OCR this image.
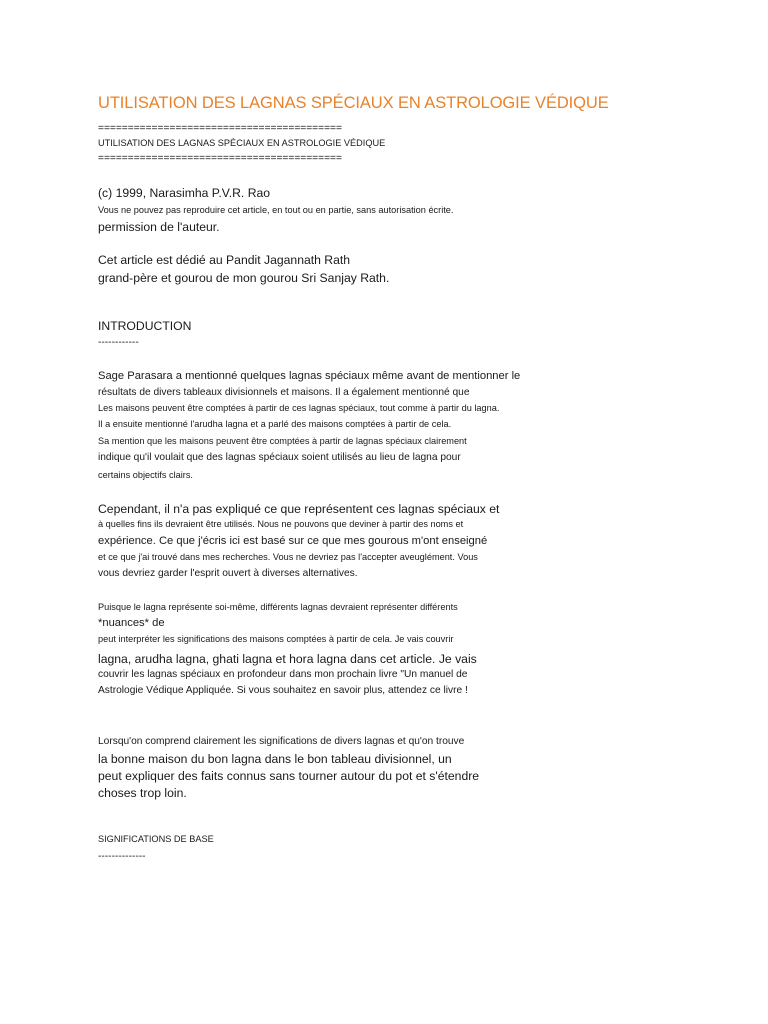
UTILISATION DES LAGNAS SPÉCIAUX EN ASTROLOGIE VÉDIQUE
=========================================
UTILISATION DES LAGNAS SPÉCIAUX EN ASTROLOGIE VÉDIQUE
=========================================
(c) 1999, Narasimha P.V.R. Rao
Vous ne pouvez pas reproduire cet article, en tout ou en partie, sans autorisation écrite.
permission de l'auteur.
Cet article est dédié au Pandit Jagannath Rath
grand-père et gourou de mon gourou Sri Sanjay Rath.
INTRODUCTION
------------
Sage Parasara a mentionné quelques lagnas spéciaux même avant de mentionner le
résultats de divers tableaux divisionnels et maisons. Il a également mentionné que
Les maisons peuvent être comptées à partir de ces lagnas spéciaux, tout comme à partir du lagna.
Il a ensuite mentionné l'arudha lagna et a parlé des maisons comptées à partir de cela.
Sa mention que les maisons peuvent être comptées à partir de lagnas spéciaux clairement
indique qu'il voulait que des lagnas spéciaux soient utilisés au lieu de lagna pour
certains objectifs clairs.
Cependant, il n'a pas expliqué ce que représentent ces lagnas spéciaux et
à quelles fins ils devraient être utilisés. Nous ne pouvons que deviner à partir des noms et
expérience. Ce que j'écris ici est basé sur ce que mes gourous m'ont enseigné
et ce que j'ai trouvé dans mes recherches. Vous ne devriez pas l'accepter aveuglément. Vous
vous devriez garder l'esprit ouvert à diverses alternatives.
Puisque le lagna représente soi-même, différents lagnas devraient représenter différents
*nuances* de
peut interpréter les significations des maisons comptées à partir de cela. Je vais couvrir
lagna, arudha lagna, ghati lagna et hora lagna dans cet article. Je vais
couvrir les lagnas spéciaux en profondeur dans mon prochain livre "Un manuel de
Astrologie Védique Appliquée. Si vous souhaitez en savoir plus, attendez ce livre !
Lorsqu'on comprend clairement les significations de divers lagnas et qu'on trouve
la bonne maison du bon lagna dans le bon tableau divisionnel, un
peut expliquer des faits connus sans tourner autour du pot et s'étendre
choses trop loin.
SIGNIFICATIONS DE BASE
--------------
